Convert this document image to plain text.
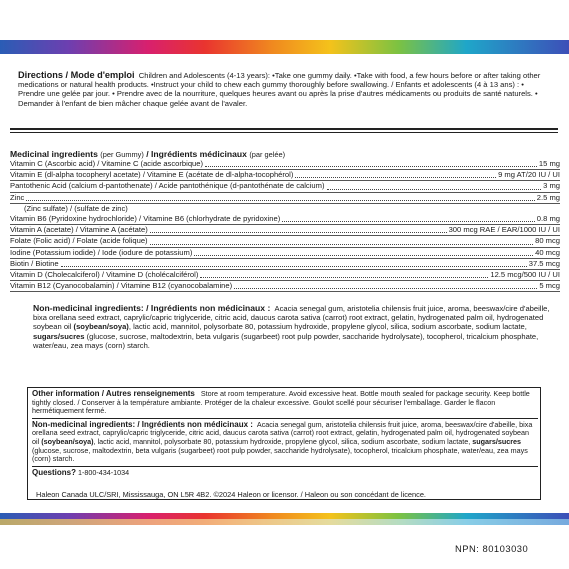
Directions / Mode d'emploi Children and Adolescents (4-13 years): •Take one gummy daily. •Take with food, a few hours before or after taking other medications or natural health products. •Instruct your child to chew each gummy thoroughly before swallowing. / Enfants et adolescents (4 à 13 ans) : • Prendre une gelée par jour. • Prendre avec de la nourriture, quelques heures avant ou après la prise d'autres médicaments ou produits de santé naturels. • Demander à l'enfant de bien mâcher chaque gelée avant de l'avaler.
Medicinal ingredients (per Gummy) / Ingrédients médicinaux (par gelée)
Vitamin C (Ascorbic acid) / Vitamine C (acide ascorbique)	15 mg
Vitamin E (dl-alpha tocopheryl acetate) / Vitamine E (acétate de dl-alpha-tocophérol)	9 mg AT/20 IU / UI
Pantothenic Acid (calcium d-pantothenate) / Acide pantothénique (d-pantothénate de calcium)	3 mg
Zinc	2.5 mg
(Zinc sulfate) / (sulfate de zinc)
Vitamin B6 (Pyridoxine hydrochloride) / Vitamine B6 (chlorhydrate de pyridoxine)	0.8 mg
Vitamin A (acetate) / Vitamine A (acétate)	300 mcg RAE / EAR/1000 IU / UI
Folate (Folic acid) / Folate (acide folique)	80 mcg
Iodine (Potassium iodide) / Iode (iodure de potassium)	40 mcg
Biotin / Biotine	37.5 mcg
Vitamin D (Cholecalciferol) / Vitamine D (cholécalciférol)	12.5 mcg/500 IU / UI
Vitamin B12 (Cyanocobalamin) / Vitamine B12 (cyanocobalamine)	5 mcg
Non-medicinal ingredients: / Ingrédients non médicinaux : Acacia senegal gum, aristotelia chilensis fruit juice, aroma, beeswax/cire d'abeille, bixa orellana seed extract, caprylic/capric triglyceride, citric acid, daucus carota sativa (carrot) root extract, gelatin, hydrogenated palm oil, hydrogenated soybean oil (soybean/soya), lactic acid, mannitol, polysorbate 80, potassium hydroxide, propylene glycol, silica, sodium ascorbate, sodium lactate, sugars/sucres (glucose, sucrose, maltodextrin, beta vulgaris (sugarbeet) root pulp powder, saccharide hydrolysate), tocopherol, tricalcium phosphate, water/eau, zea mays (corn) starch.
Other information / Autres renseignements Store at room temperature. Avoid excessive heat. Bottle mouth sealed for package security. Keep bottle tightly closed. / Conserver à la température ambiante. Protéger de la chaleur excessive. Goulot scellé pour sécuriser l'emballage. Garder le flacon hermétiquement fermé.
Non-medicinal ingredients: / Ingrédients non médicinaux : Acacia senegal gum, aristotelia chilensis fruit juice, aroma, beeswax/cire d'abeille, bixa orellana seed extract, caprylic/capric triglyceride, citric acid, daucus carota sativa (carrot) root extract, gelatin, hydrogenated palm oil, hydrogenated soybean oil (soybean/soya), lactic acid, mannitol, polysorbate 80, potassium hydroxide, propylene glycol, silica, sodium ascorbate, sodium lactate, sugars/sucres (glucose, sucrose, maltodextrin, beta vulgaris (sugarbeet) root pulp powder, saccharide hydrolysate), tocopherol, tricalcium phosphate, water/eau, zea mays (corn) starch.
Questions? 1-800-434-1034
Haleon Canada ULC/SRI, Mississauga, ON L5R 4B2. ©2024 Haleon or licensor. / Haleon ou son concédant de licence.
NPN: 80103030
